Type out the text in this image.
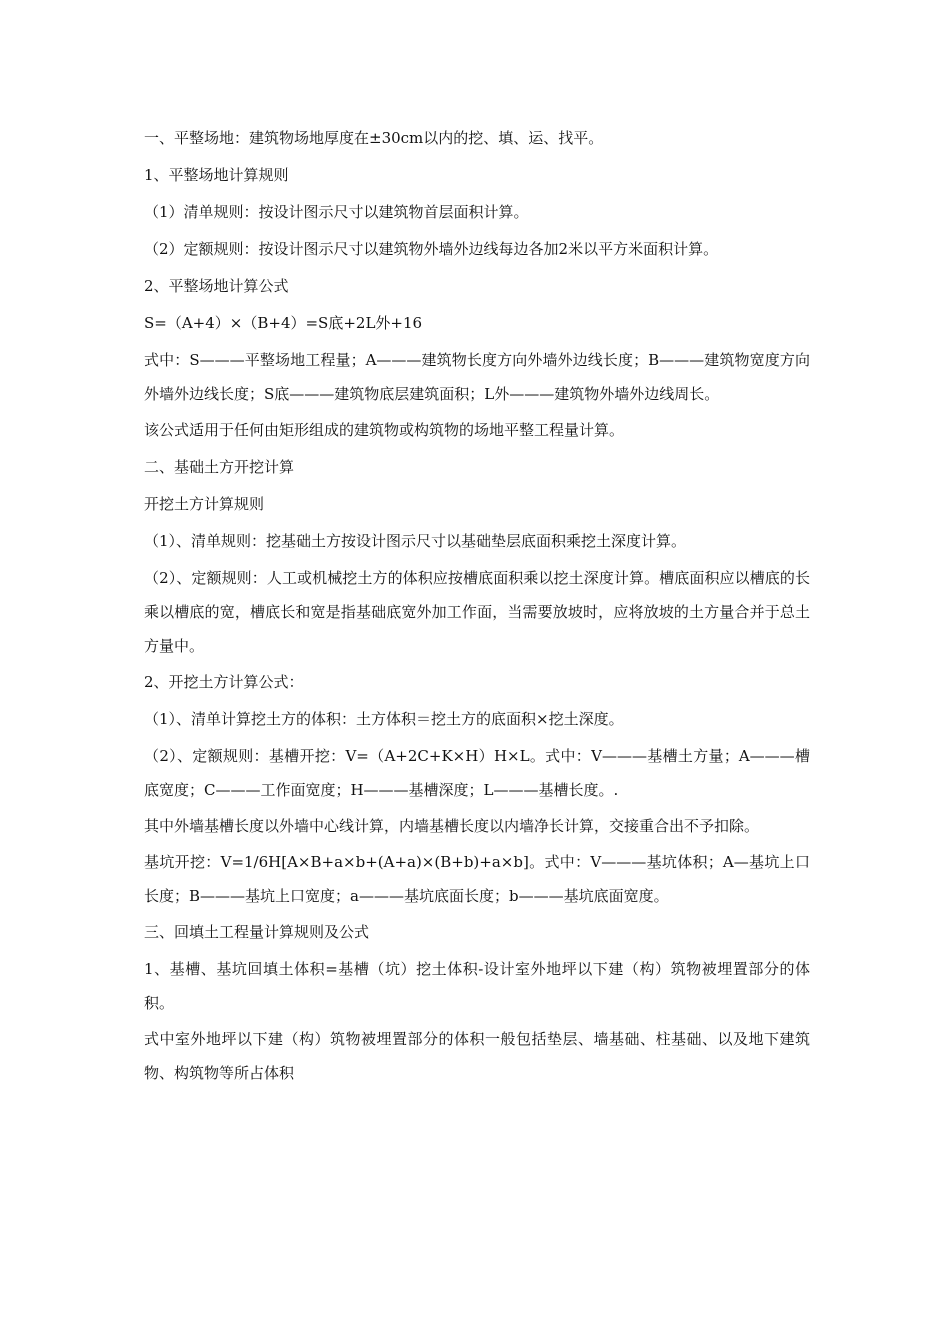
一、平整场地：建筑物场地厚度在±30cm以内的挖、填、运、找平。

1、平整场地计算规则

（1）清单规则：按设计图示尺寸以建筑物首层面积计算。

（2）定额规则：按设计图示尺寸以建筑物外墙外边线每边各加2米以平方米面积计算。

2、平整场地计算公式

S=（A+4）×（B+4）=S底+2L外+16

式中：S———平整场地工程量；A———建筑物长度方向外墙外边线长度；B———建筑物宽度方向外墙外边线长度；S底———建筑物底层建筑面积；L外———建筑物外墙外边线周长。

该公式适用于任何由矩形组成的建筑物或构筑物的场地平整工程量计算。

二、基础土方开挖计算

开挖土方计算规则

（1）、清单规则：挖基础土方按设计图示尺寸以基础垫层底面积乘挖土深度计算。

（2）、定额规则：人工或机械挖土方的体积应按槽底面积乘以挖土深度计算。槽底面积应以槽底的长乘以槽底的宽，槽底长和宽是指基础底宽外加工作面，当需要放坡时，应将放坡的土方量合并于总土方量中。

2、开挖土方计算公式：

（1）、清单计算挖土方的体积：土方体积＝挖土方的底面积×挖土深度。

（2）、定额规则：基槽开挖：V=（A+2C+K×H）H×L。式中：V———基槽土方量；A———槽底宽度；C———工作面宽度；H———基槽深度；L———基槽长度。.

其中外墙基槽长度以外墙中心线计算，内墙基槽长度以内墙净长计算，交接重合出不予扣除。

基坑开挖：V=1/6H[A×B+a×b+(A+a)×(B+b)+a×b]。式中：V———基坑体积；A—基坑上口长度；B———基坑上口宽度；a———基坑底面长度；b———基坑底面宽度。

三、回填土工程量计算规则及公式

1、基槽、基坑回填土体积=基槽（坑）挖土体积-设计室外地坪以下建（构）筑物被埋置部分的体积。

式中室外地坪以下建（构）筑物被埋置部分的体积一般包括垫层、墙基础、柱基础、以及地下建筑物、构筑物等所占体积
